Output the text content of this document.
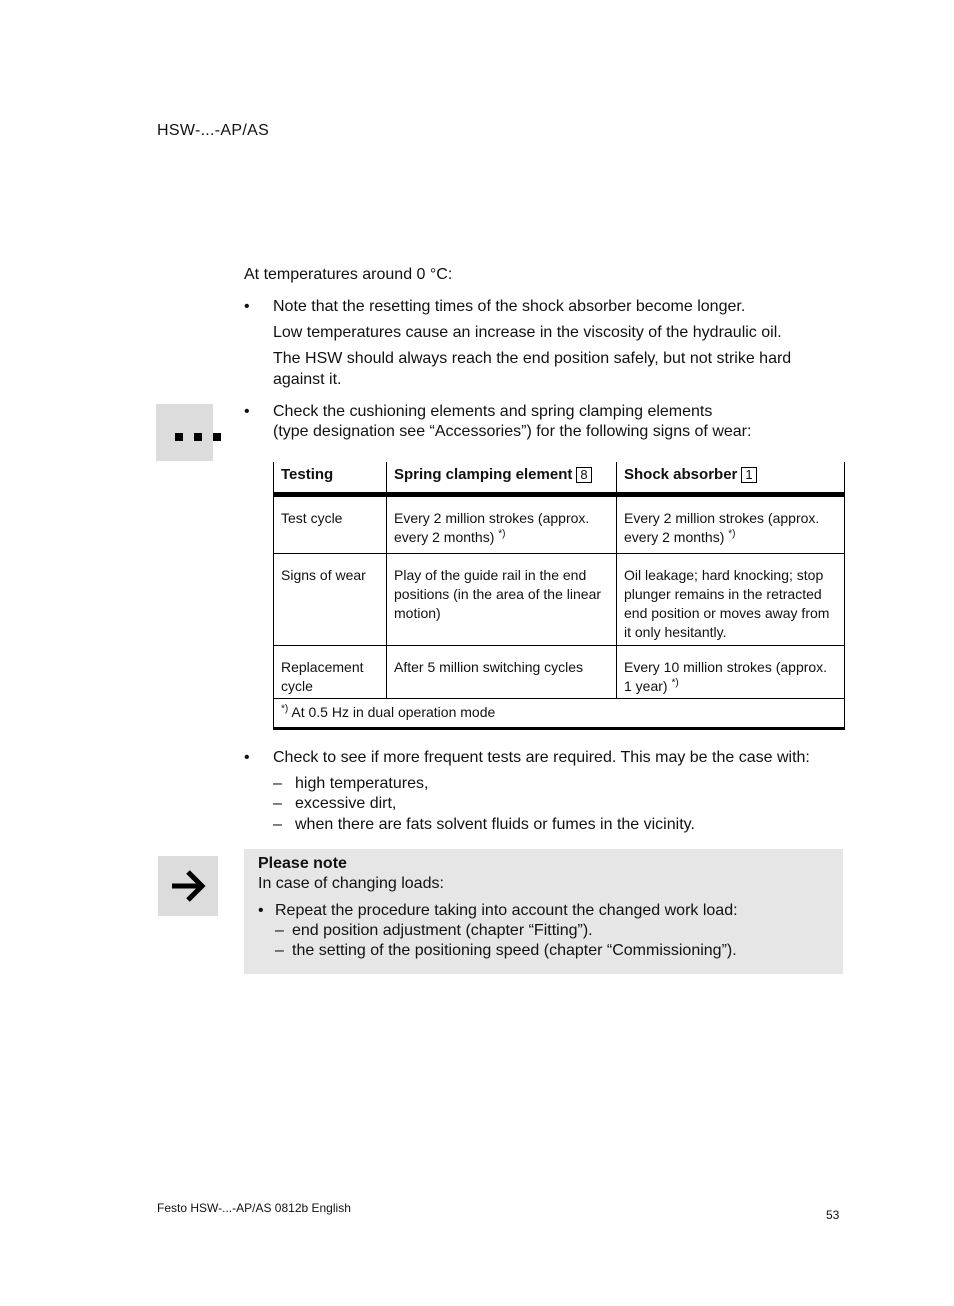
HSW-...-AP/AS
At temperatures around 0 °C:
• Note that the resetting times of the shock absorber become longer.
Low temperatures cause an increase in the viscosity of the hydraulic oil.
The HSW should always reach the end position safely, but not strike hard against it.
• Check the cushioning elements and spring clamping elements
(type designation see “Accessories”) for the following signs of wear:
Testing	Spring clamping element 8	Shock absorber 1
Test cycle	Every 2 million strokes (approx. every 2 months) *)	Every 2 million strokes (approx. every 2 months) *)
Signs of wear	Play of the guide rail in the end positions (in the area of the linear motion)	Oil leakage; hard knocking; stop plunger remains in the retracted end position or moves away from it only hesitantly.
Replacement cycle	After 5 million switching cycles	Every 10 million strokes (approx. 1 year) *)
*) At 0.5 Hz in dual operation mode		
• Check to see if more frequent tests are required. This may be the case with:
– high temperatures,
– excessive dirt,
– when there are fats solvent fluids or fumes in the vicinity.
Please note
In case of changing loads:
• Repeat the procedure taking into account the changed work load:
– end position adjustment (chapter “Fitting”).
– the setting of the positioning speed (chapter “Commissioning”).
Festo HSW-...-AP/AS 0812b English	53
